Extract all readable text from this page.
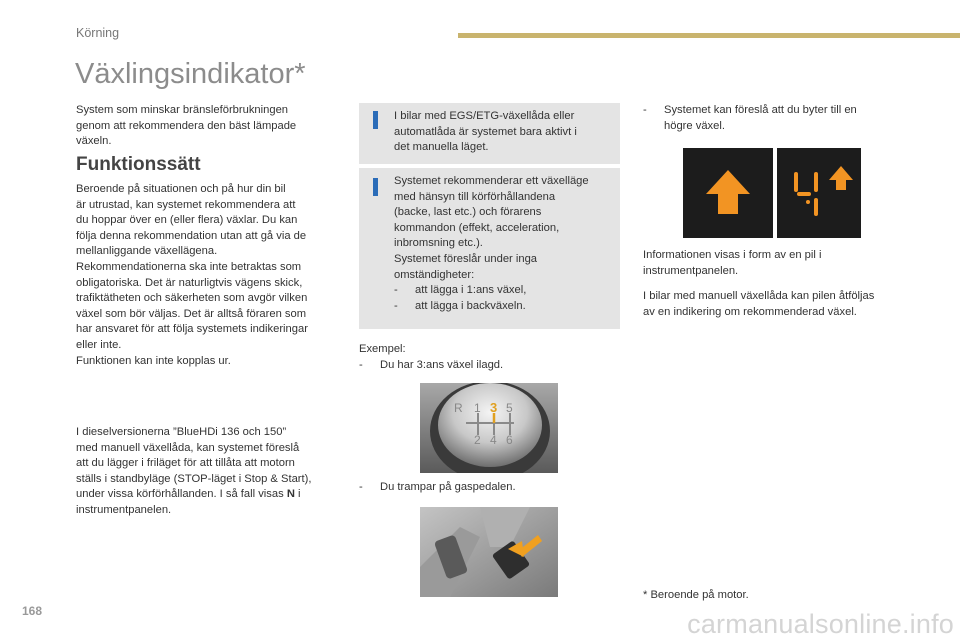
Körning
Växlingsindikator*
System som minskar bränsleförbrukningen
genom att rekommendera den bäst lämpade
växeln.
Funktionssätt
Beroende på situationen och på hur din bil
är utrustad, kan systemet rekommendera att
du hoppar över en (eller flera) växlar. Du kan
följa denna rekommendation utan att gå via de
mellanliggande växellägena.
Rekommendationerna ska inte betraktas som
obligatoriska. Det är naturligtvis vägens skick,
trafiktätheten och säkerheten som avgör vilken
växel som bör väljas. Det är alltså föraren som
har ansvaret för att följa systemets indikeringar
eller inte.
Funktionen kan inte kopplas ur.
I dieselversionerna ”BlueHDi 136 och 150”
med manuell växellåda, kan systemet föreslå
att du lägger i friläget för att tillåta att motorn
ställs i standbyläge (STOP-läget i Stop & Start),
under vissa körförhållanden. I så fall visas N i
instrumentpanelen.
I bilar med EGS/ETG-växellåda eller
automatlåda är systemet bara aktivt i
det manuella läget.
Systemet rekommenderar ett växelläge
med hänsyn till körförhållandena
(backe, last etc.) och förarens
kommandon (effekt, acceleration,
inbromsning etc.).
Systemet föreslår under inga
omständigheter:
- att lägga i 1:ans växel,
- att lägga i backväxeln.
Exempel:
- Du har 3:ans växel ilagd.
R 1 3 5
2 4 6
- Du trampar på gaspedalen.
- Systemet kan föreslå att du byter till en
högre växel.
Informationen visas i form av en pil i
instrumentpanelen.
I bilar med manuell växellåda kan pilen åtföljas
av en indikering om rekommenderad växel.
* Beroende på motor.
168	carmanualsonline.info
